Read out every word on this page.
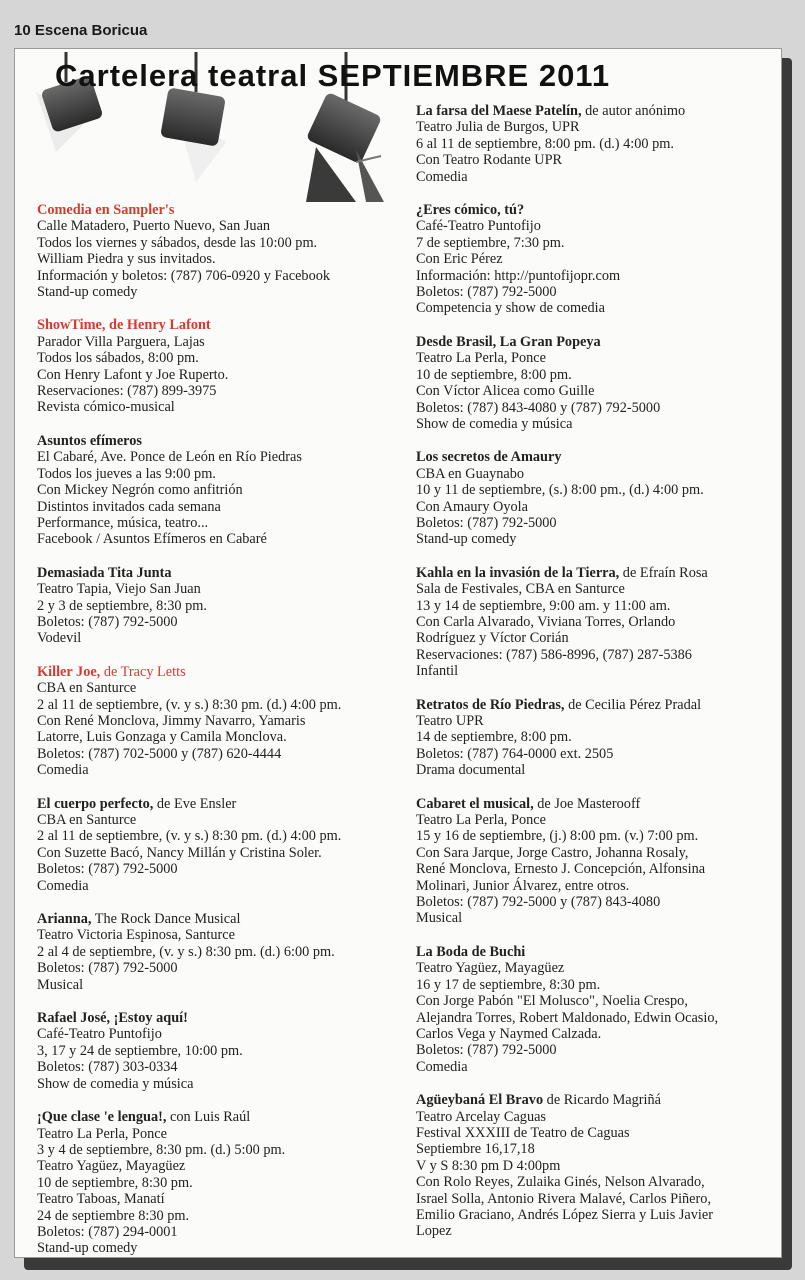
10 Escena Boricua

Cartelera teatral SEPTIEMBRE 2011

Comedia en Sampler's

Calle Matadero, Puerto Nuevo, San Juan

Todos los viernes y sábados, desde las 10:00 pm.

William Piedra y sus invitados.

Información y boletos: (787) 706-0920 y Facebook

Stand-up comedy

ShowTime, de Henry Lafont

Parador Villa Parguera, Lajas

Todos los sábados, 8:00 pm.

Con Henry Lafont y Joe Ruperto.

Reservaciones: (787) 899-3975

Revista cómico-musical

Asuntos efímeros

El Cabaré, Ave. Ponce de León en Río Piedras

Todos los jueves a las 9:00 pm.

Con Mickey Negrón como anfitrión

Distintos invitados cada semana

Performance, música, teatro...

Facebook / Asuntos Efímeros en Cabaré

Demasiada Tita Junta

Teatro Tapia, Viejo San Juan

2 y 3 de septiembre, 8:30 pm.

Boletos: (787) 792-5000

Vodevil

Killer Joe, de Tracy Letts

CBA en Santurce

2 al 11 de septiembre, (v. y s.) 8:30 pm. (d.) 4:00 pm.

Con René Monclova, Jimmy Navarro, Yamaris

Latorre, Luis Gonzaga y Camila Monclova.

Boletos: (787) 702-5000 y (787) 620-4444

Comedia

El cuerpo perfecto, de Eve Ensler

CBA en Santurce

2 al 11 de septiembre, (v. y s.) 8:30 pm. (d.) 4:00 pm.

Con Suzette Bacó, Nancy Millán y Cristina Soler.

Boletos: (787) 792-5000

Comedia

Arianna, The Rock Dance Musical

Teatro Victoria Espinosa, Santurce

2 al 4 de septiembre, (v. y s.) 8:30 pm. (d.) 6:00 pm.

Boletos: (787) 792-5000

Musical

Rafael José, ¡Estoy aquí!

Café-Teatro Puntofijo

3, 17 y 24 de septiembre, 10:00 pm.

Boletos: (787) 303-0334

Show de comedia y música

¡Que clase 'e lengua!, con Luis Raúl

Teatro La Perla, Ponce

3 y 4 de septiembre, 8:30 pm. (d.) 5:00 pm.

Teatro Yagüez, Mayagüez

10 de septiembre, 8:30 pm.

Teatro Taboas, Manatí

24 de septiembre 8:30 pm.

Boletos: (787) 294-0001

Stand-up comedy

La farsa del Maese Patelín, de autor anónimo

Teatro Julia de Burgos, UPR

6 al 11 de septiembre, 8:00 pm. (d.) 4:00 pm.

Con Teatro Rodante UPR

Comedia

¿Eres cómico, tú?

Café-Teatro Puntofijo

7 de septiembre, 7:30 pm.

Con Eric Pérez

Información: http://puntofijopr.com

Boletos: (787) 792-5000

Competencia y show de comedia

Desde Brasil, La Gran Popeya

Teatro La Perla, Ponce

10 de septiembre, 8:00 pm.

Con Víctor Alicea como Guille

Boletos: (787) 843-4080 y (787) 792-5000

Show de comedia y música

Los secretos de Amaury

CBA en Guaynabo

10 y 11 de septiembre, (s.) 8:00 pm., (d.) 4:00 pm.

Con Amaury Oyola

Boletos: (787) 792-5000

Stand-up comedy

Kahla en la invasión de la Tierra, de Efraín Rosa

Sala de Festivales, CBA en Santurce

13 y 14 de septiembre, 9:00 am. y 11:00 am.

Con Carla Alvarado, Viviana Torres, Orlando

Rodríguez y Víctor Corián

Reservaciones: (787) 586-8996, (787) 287-5386

Infantil

Retratos de Río Piedras, de Cecilia Pérez Pradal

Teatro UPR

14 de septiembre, 8:00 pm.

Boletos: (787) 764-0000 ext. 2505

Drama documental

Cabaret el musical, de Joe Masterooff

Teatro La Perla, Ponce

15 y 16 de septiembre, (j.) 8:00 pm. (v.) 7:00 pm.

Con Sara Jarque, Jorge Castro, Johanna Rosaly,

René Monclova, Ernesto J. Concepción, Alfonsina

Molinari, Junior Álvarez, entre otros.

Boletos: (787) 792-5000 y (787) 843-4080

Musical

La Boda de Buchi

Teatro Yagüez, Mayagüez

16 y 17 de septiembre, 8:30 pm.

Con Jorge Pabón "El Molusco", Noelia Crespo,

Alejandra Torres, Robert Maldonado, Edwin Ocasio,

Carlos Vega y Naymed Calzada.

Boletos: (787) 792-5000

Comedia

Agüeybaná El Bravo de Ricardo Magriñá

Teatro Arcelay Caguas

Festival XXXIII de Teatro de Caguas

Septiembre 16,17,18

V y S 8:30 pm D 4:00pm

Con Rolo Reyes, Zulaika Ginés, Nelson Alvarado,

Israel Solla, Antonio Rivera Malavé, Carlos Piñero,

Emilio Graciano, Andrés López Sierra y Luis Javier

Lopez
